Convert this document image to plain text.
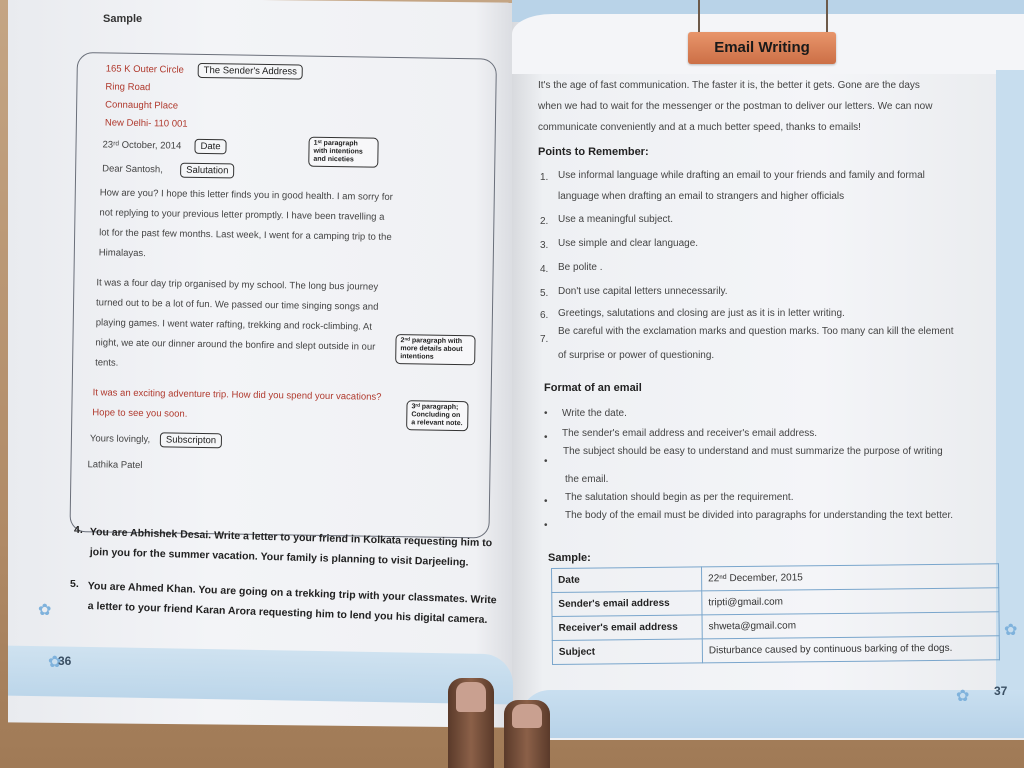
Sample
165 K Outer Circle
Ring Road
Connaught Place
New Delhi- 110 001
The Sender's Address
23ʳᵈ October, 2014	Date
Dear Santosh,	Salutation
1ˢᵗ paragraph with intentions and niceties
How are you? I hope this letter finds you in good health. I am sorry for
not replying to your previous letter promptly. I have been travelling a
lot for the past few months. Last week, I went for a camping trip to the
Himalayas.
It was a four day trip organised by my school. The long bus journey
turned out to be a lot of fun. We passed our time singing songs and
playing games. I went water rafting, trekking and rock-climbing. At
night, we ate our dinner around the bonfire and slept outside in our
tents.
2ⁿᵈ paragraph with more details about intentions
It was an exciting adventure trip. How did you spend your vacations?
Hope to see you soon.
3ʳᵈ paragraph; Concluding on a relevant note.
Yours lovingly,	Subscripton
Lathika Patel
4. You are Abhishek Desai. Write a letter to your friend in Kolkata requesting him to
join you for the summer vacation. Your family is planning to visit Darjeeling.
5. You are Ahmed Khan. You are going on a trekking trip with your classmates. Write
a letter to your friend Karan Arora requesting him to lend you his digital camera.
✿
✿
36
Email Writing
It's the age of fast communication. The faster it is, the better it gets. Gone are the days
when we had to wait for the messenger or the postman to deliver our letters. We can now
communicate conveniently and at a much better speed, thanks to emails!
Points to Remember:
1. Use informal language while drafting an email to your friends and family and formal
language when drafting an email to strangers and higher officials
2. Use a meaningful subject.
3. Use simple and clear language.
4. Be polite .
5. Don't use capital letters unnecessarily.
6. Greetings, salutations and closing are just as it is in letter writing.
7.
Be careful with the exclamation marks and question marks. Too many can kill the element
of surprise or power of questioning.
Format of an email
• Write the date.
• The sender's email address and receiver's email address.
•
The subject should be easy to understand and must summarize the purpose of writing
the email.
• The salutation should begin as per the requirement.
•
The body of the email must be divided into paragraphs for understanding the text better.
Sample:
Date	22ⁿᵈ December, 2015
Sender's email address	tripti@gmail.com
Receiver's email address	shweta@gmail.com
Subject	Disturbance caused by continuous barking of the dogs.
✿
✿
37
